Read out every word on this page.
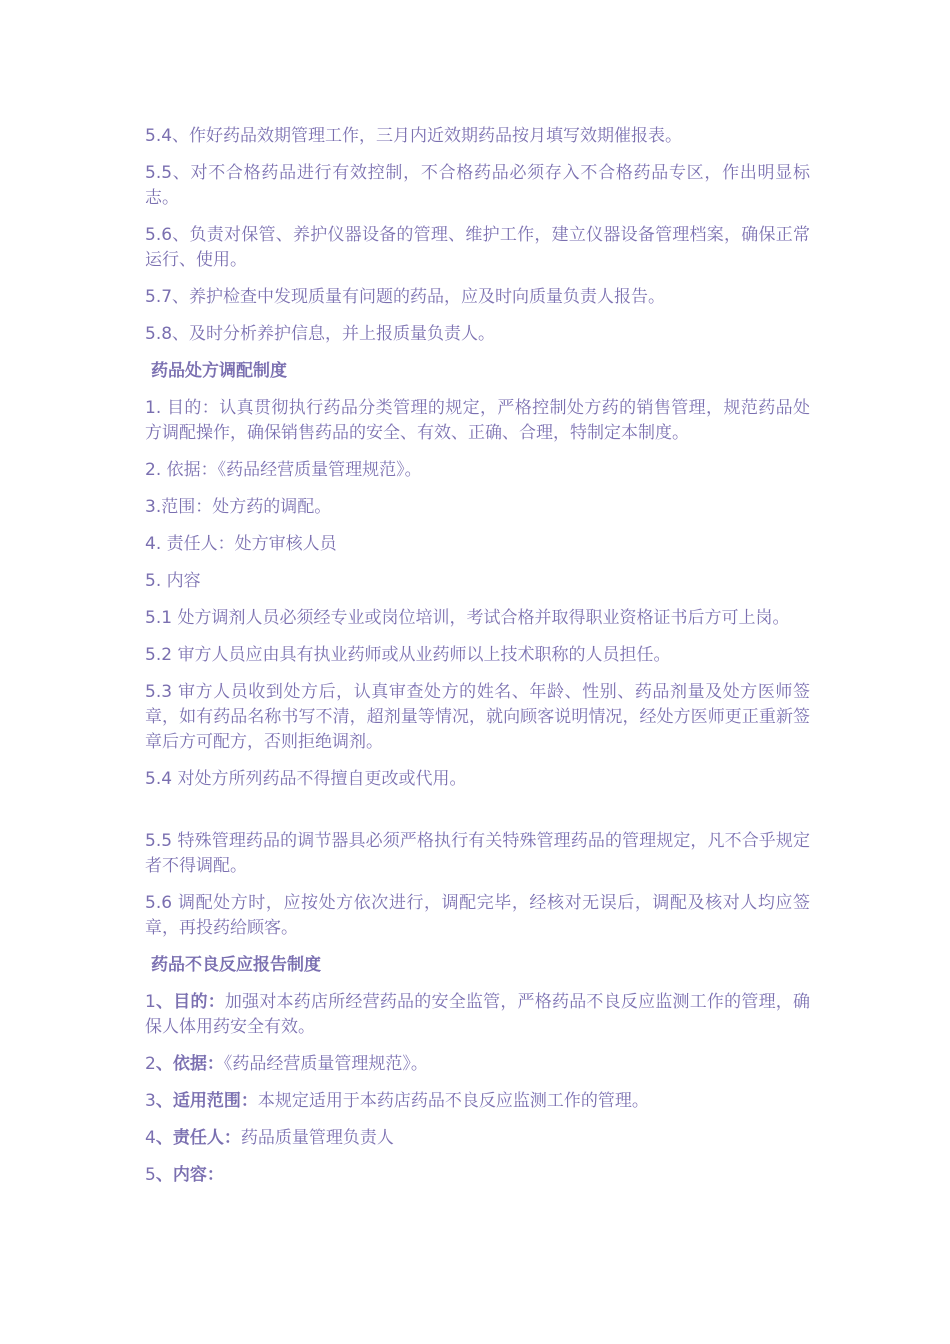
5.4、作好药品效期管理工作，三月内近效期药品按月填写效期催报表。

5.5、对不合格药品进行有效控制，不合格药品必须存入不合格药品专区，作出明显标志。

5.6、负责对保管、养护仪器设备的管理、维护工作，建立仪器设备管理档案，确保正常运行、使用。

5.7、养护检查中发现质量有问题的药品，应及时向质量负责人报告。

5.8、及时分析养护信息，并上报质量负责人。

药品处方调配制度

1. 目的：认真贯彻执行药品分类管理的规定，严格控制处方药的销售管理，规范药品处方调配操作，确保销售药品的安全、有效、正确、合理，特制定本制度。

2. 依据：《药品经营质量管理规范》。

3.范围：处方药的调配。

4. 责任人：处方审核人员

5. 内容

5.1 处方调剂人员必须经专业或岗位培训，考试合格并取得职业资格证书后方可上岗。

5.2 审方人员应由具有执业药师或从业药师以上技术职称的人员担任。

5.3 审方人员收到处方后，认真审查处方的姓名、年龄、性别、药品剂量及处方医师签章，如有药品名称书写不清，超剂量等情况，就向顾客说明情况，经处方医师更正重新签章后方可配方，否则拒绝调剂。

5.4 对处方所列药品不得擅自更改或代用。

5.5 特殊管理药品的调节器具必须严格执行有关特殊管理药品的管理规定，凡不合乎规定者不得调配。

5.6 调配处方时，应按处方依次进行，调配完毕，经核对无误后，调配及核对人均应签章，再投药给顾客。

药品不良反应报告制度

1、目的：加强对本药店所经营药品的安全监管，严格药品不良反应监测工作的管理，确保人体用药安全有效。

2、依据：《药品经营质量管理规范》。

3、适用范围：本规定适用于本药店药品不良反应监测工作的管理。

4、责任人：药品质量管理负责人

5、内容：
